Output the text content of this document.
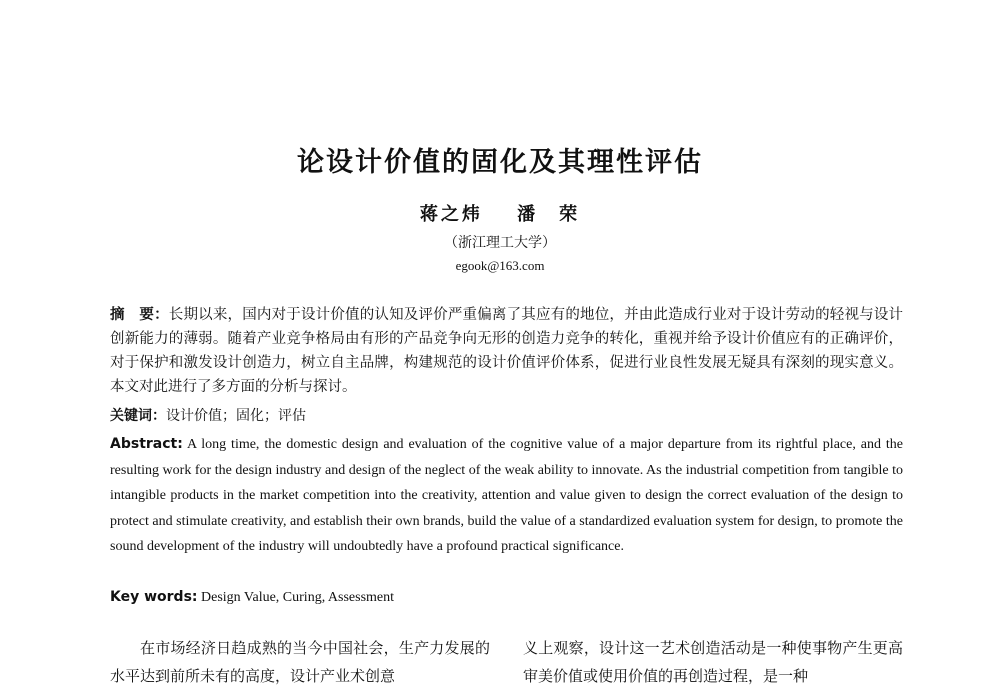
论设计价值的固化及其理性评估
蒋之炜 潘　荣
（浙江理工大学）
egook@163.com
摘　要：长期以来，国内对于设计价值的认知及评价严重偏离了其应有的地位，并由此造成行业对于设计劳动的轻视与设计创新能力的薄弱。随着产业竞争格局由有形的产品竞争向无形的创造力竞争的转化，重视并给予设计价值应有的正确评价，对于保护和激发设计创造力，树立自主品牌，构建规范的设计价值评价体系，促进行业良性发展无疑具有深刻的现实意义。本文对此进行了多方面的分析与探讨。
关键词：设计价值；固化；评估
Abstract: A long time, the domestic design and evaluation of the cognitive value of a major departure from its rightful place, and the resulting work for the design industry and design of the neglect of the weak ability to innovate. As the industrial competition from tangible to intangible products in the market competition into the creativity, attention and value given to design the correct evaluation of the design to protect and stimulate creativity, and establish their own brands, build the value of a standardized evaluation system for design, to promote the sound development of the industry will undoubtedly have a profound practical significance.
Key words: Design Value, Curing, Assessment
在市场经济日趋成熟的当今中国社会，生产力发展的水平达到前所未有的高度，设计产业术创意
义上观察，设计这一艺术创造活动是一种使事物产生更高审美价值或使用价值的再创造过程，是一种
